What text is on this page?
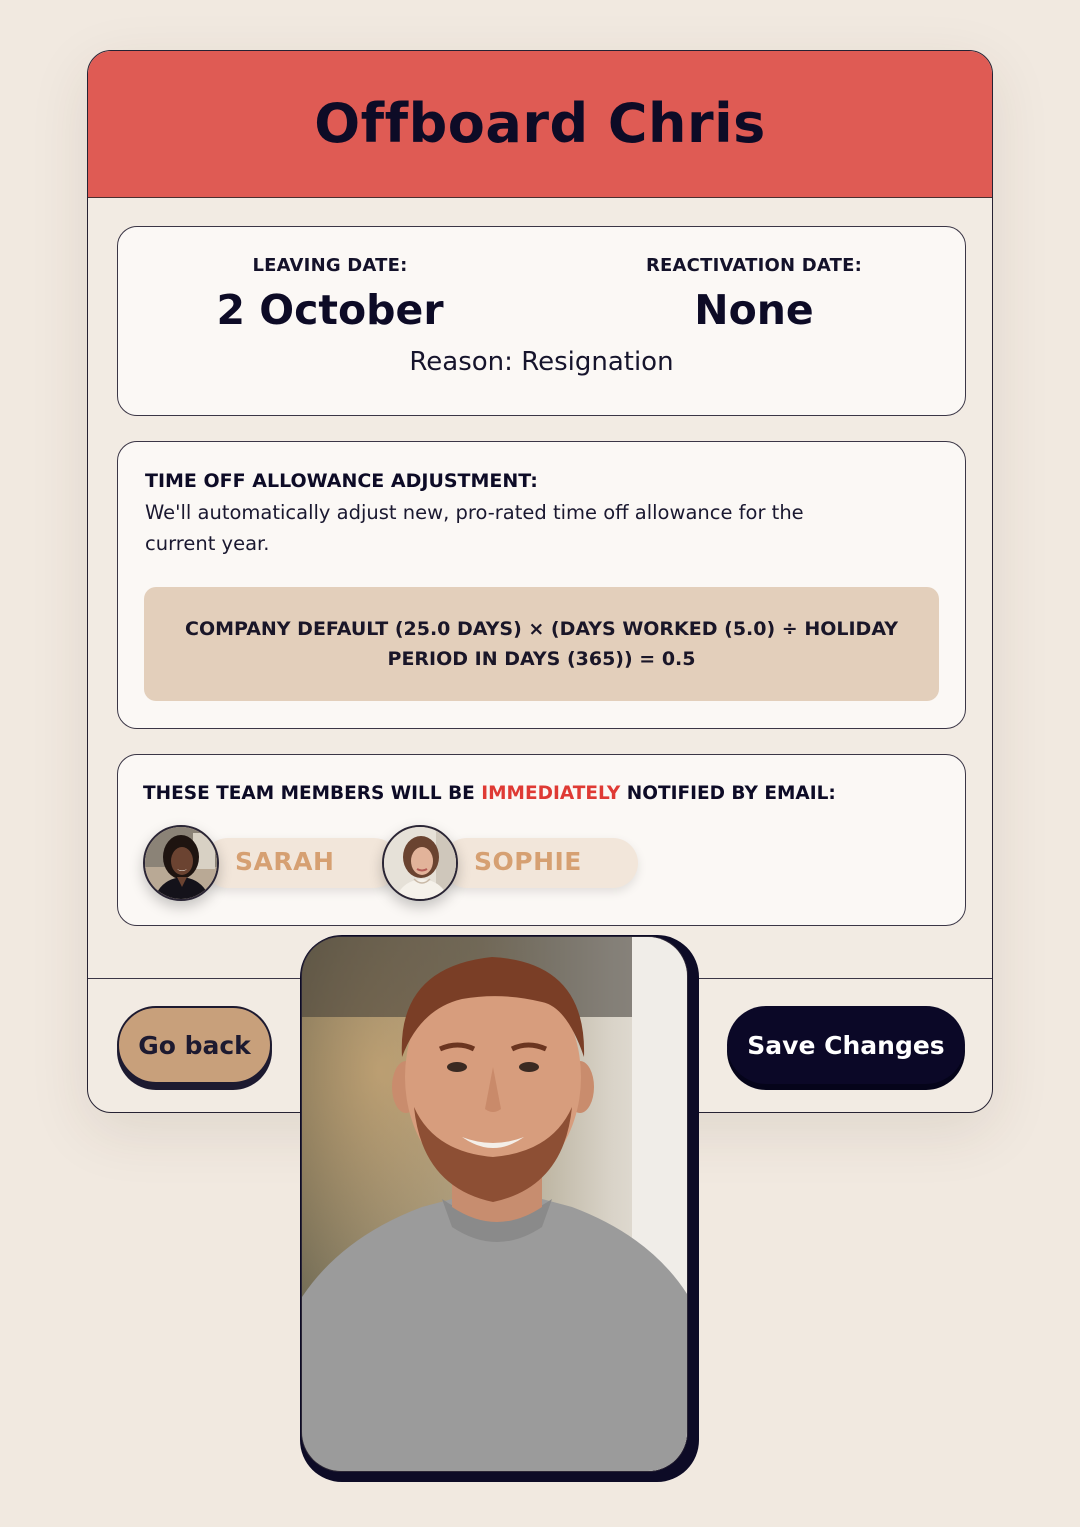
Offboard Chris
LEAVING DATE:
2 October
REACTIVATION DATE:
None
Reason: Resignation
TIME OFF ALLOWANCE ADJUSTMENT:
We'll automatically adjust new, pro-rated time off allowance for the current year.
COMPANY DEFAULT (25.0 DAYS) × (DAYS WORKED (5.0) ÷ HOLIDAY PERIOD IN DAYS (365)) = 0.5
THESE TEAM MEMBERS WILL BE IMMEDIATELY NOTIFIED BY EMAIL:
SARAH	SOPHIE
Go back	Save Changes
